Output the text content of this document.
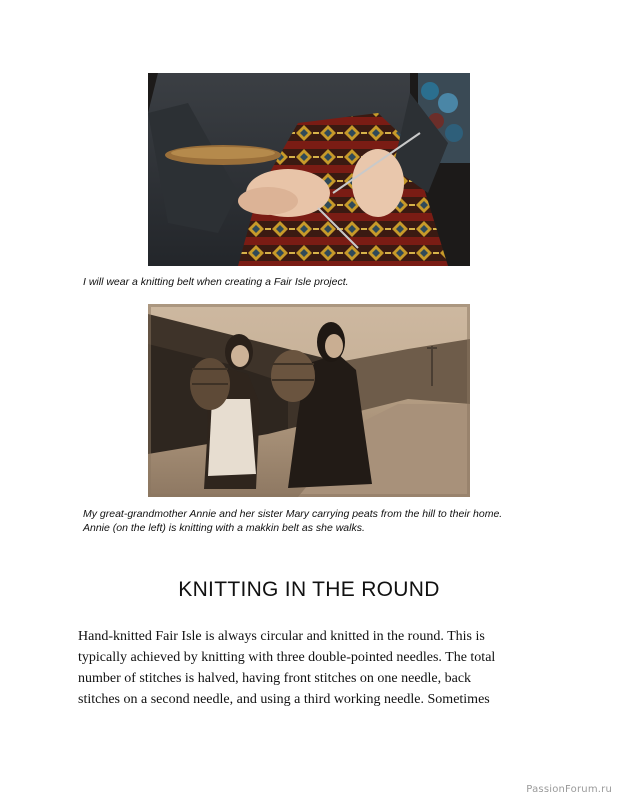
I will wear a knitting belt when creating a Fair Isle project.

My great-grandmother Annie and her sister Mary carrying peats from the hill to their home.
Annie (on the left) is knitting with a makkin belt as she walks.

KNITTING IN THE ROUND

Hand-knitted Fair Isle is always circular and knitted in the round. This is
typically achieved by knitting with three double-pointed needles. The total
number of stitches is halved, having front stitches on one needle, back
stitches on a second needle, and using a third working needle. Sometimes

PassionForum.ru
